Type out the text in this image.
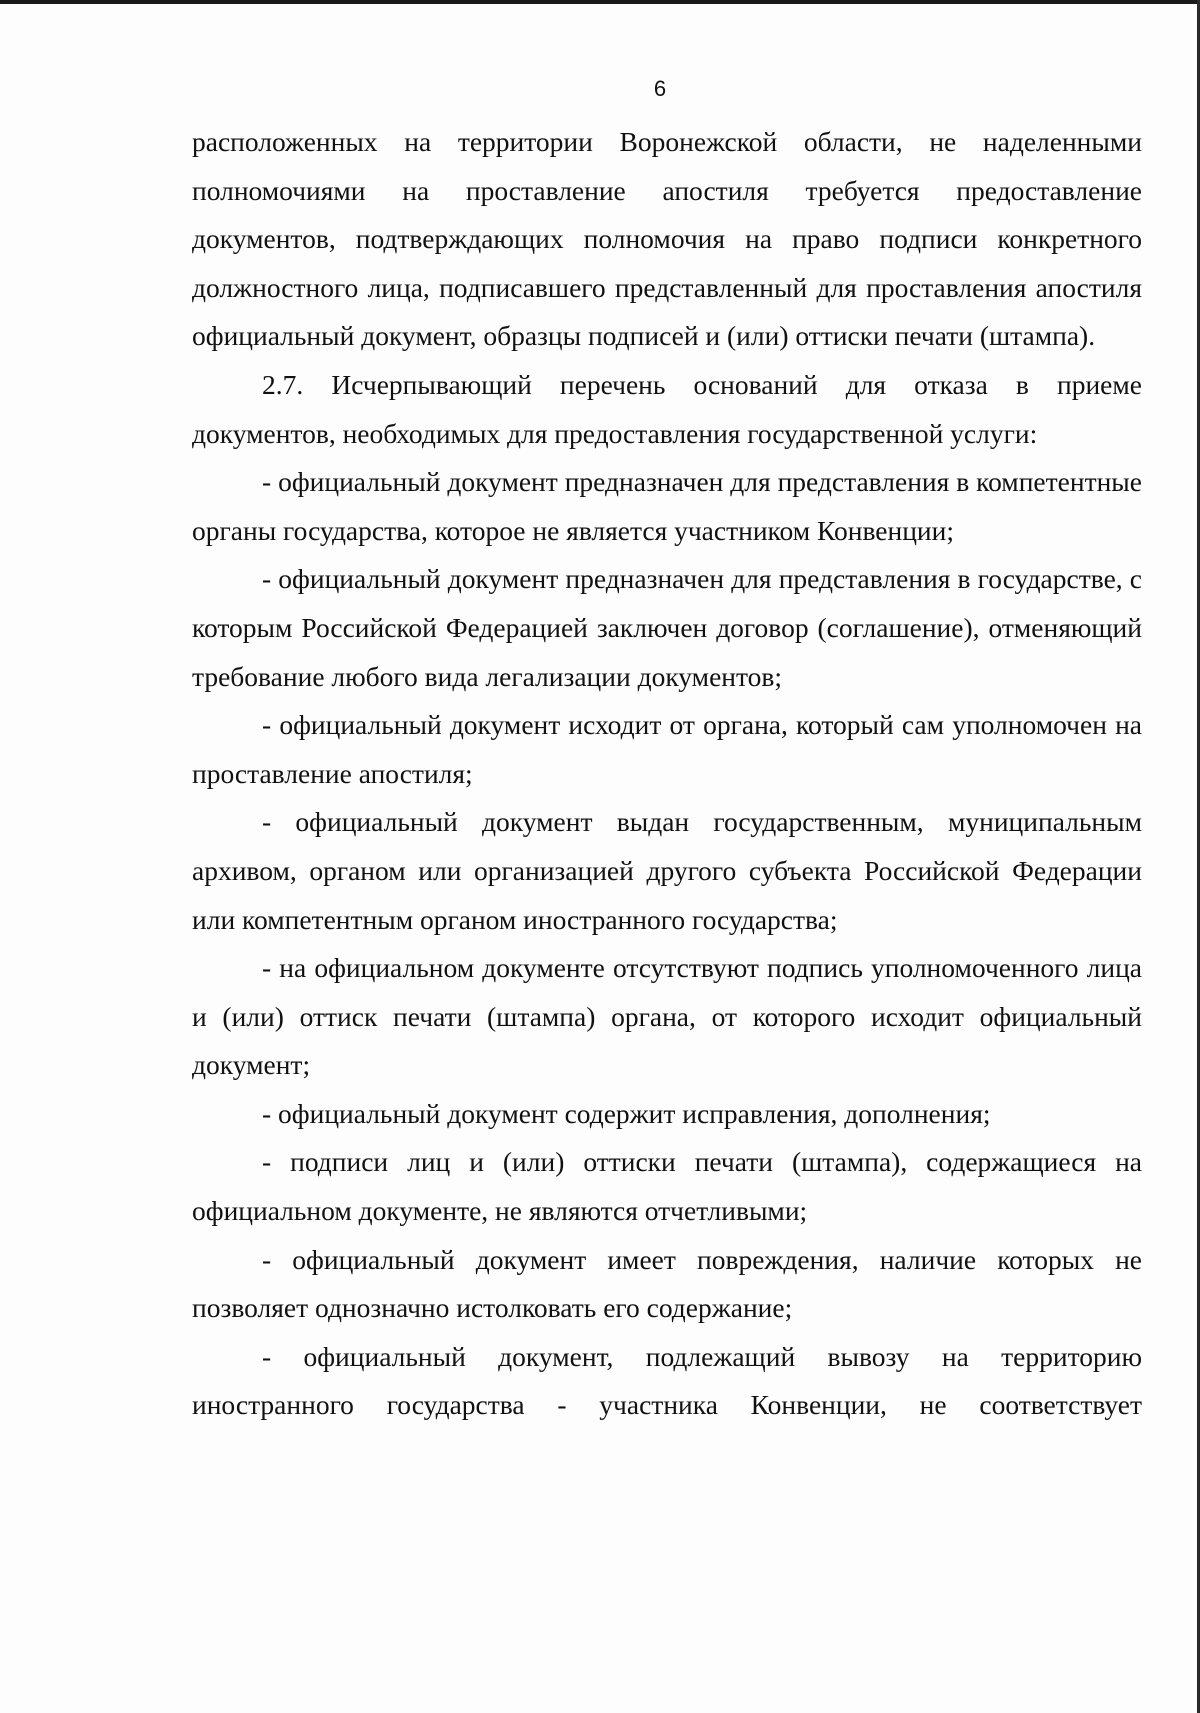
6

расположенных на территории Воронежской области, не наделенными полномочиями на проставление апостиля требуется предоставление документов, подтверждающих полномочия на право подписи конкретного должностного лица, подписавшего представленный для проставления апостиля официальный документ, образцы подписей и (или) оттиски печати (штампа).

2.7. Исчерпывающий перечень оснований для отказа в приеме документов, необходимых для предоставления государственной услуги:

- официальный документ предназначен для представления в компетентные органы государства, которое не является участником Конвенции;

- официальный документ предназначен для представления в государстве, с которым Российской Федерацией заключен договор (соглашение), отменяющий требование любого вида легализации документов;

- официальный документ исходит от органа, который сам уполномочен на проставление апостиля;

- официальный документ выдан государственным, муниципальным архивом, органом или организацией другого субъекта Российской Федерации или компетентным органом иностранного государства;

- на официальном документе отсутствуют подпись уполномоченного лица и (или) оттиск печати (штампа) органа, от которого исходит официальный документ;

- официальный документ содержит исправления, дополнения;

- подписи лиц и (или) оттиски печати (штампа), содержащиеся на официальном документе, не являются отчетливыми;

- официальный документ имеет повреждения, наличие которых не позволяет однозначно истолковать его содержание;

- официальный документ, подлежащий вывозу на территорию иностранного государства - участника Конвенции, не соответствует
